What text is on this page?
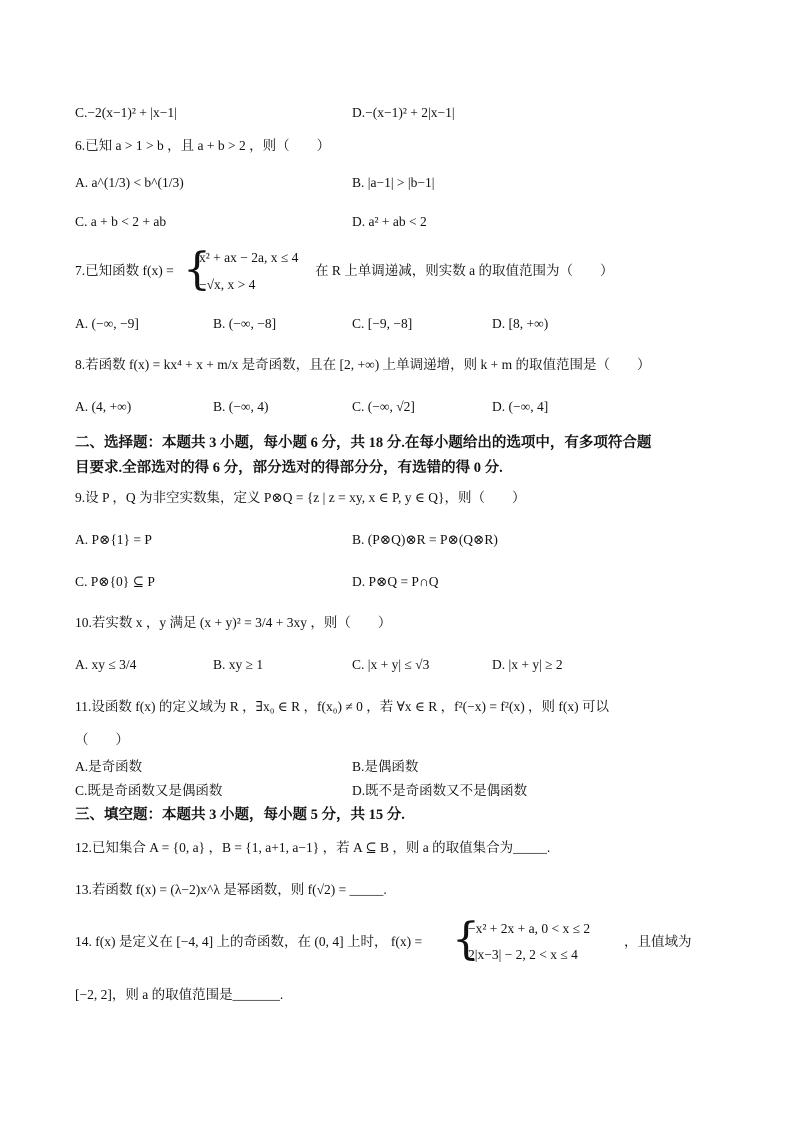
C.−2(x−1)² + |x−1|	D.−(x−1)² + 2|x−1|
6.已知 a > 1 > b ，且 a + b > 2 ，则（　　）
A. a^(1/3) < b^(1/3)	B. |a−1| > |b−1|
C. a + b < 2 + ab	D. a² + ab < 2
7.已知函数 f(x) = {
x² + ax − 2a, x ≤ 4
−√x, x > 4
在 R 上单调递减，则实数 a 的取值范围为（　　）
A. (−∞, −9]	B. (−∞, −8]	C. [−9, −8]	D. [8, +∞)
8.若函数 f(x) = kx⁴ + x + m/x 是奇函数，且在 [2, +∞) 上单调递增，则 k + m 的取值范围是（　　）
A. (4, +∞)	B. (−∞, 4)	C. (−∞, √2]	D. (−∞, 4]
二、选择题：本题共 3 小题，每小题 6 分，共 18 分.在每小题给出的选项中，有多项符合题
目要求.全部选对的得 6 分，部分选对的得部分分，有选错的得 0 分.
9.设 P ，Q 为非空实数集，定义 P⊗Q = {z | z = xy, x ∈ P, y ∈ Q}，则（　　）
A. P⊗{1} = P	B. (P⊗Q)⊗R = P⊗(Q⊗R)
C. P⊗{0} ⊆ P	D. P⊗Q = P∩Q
10.若实数 x ，y 满足 (x + y)² = 3/4 + 3xy ，则（　　）
A. xy ≤ 3/4	B. xy ≥ 1	C. |x + y| ≤ √3	D. |x + y| ≥ 2
11.设函数 f(x) 的定义域为 R ，∃x₀ ∈ R ，f(x₀) ≠ 0 ，若 ∀x ∈ R ，f²(−x) = f²(x) ，则 f(x) 可以
（　　）
A.是奇函数	B.是偶函数
C.既是奇函数又是偶函数	D.既不是奇函数又不是偶函数
三、填空题：本题共 3 小题，每小题 5 分，共 15 分.
12.已知集合 A = {0, a} ，B = {1, a+1, a−1} ，若 A ⊆ B ，则 a 的取值集合为_____.
13.若函数 f(x) = (λ−2)x^λ 是幂函数，则 f(√2) = _____.
14. f(x) 是定义在 [−4, 4] 上的奇函数，在 (0, 4] 上时， f(x) = {
−x² + 2x + a, 0 < x ≤ 2
2|x−3| − 2, 2 < x ≤ 4
，且值域为
[−2, 2]，则 a 的取值范围是_______.
